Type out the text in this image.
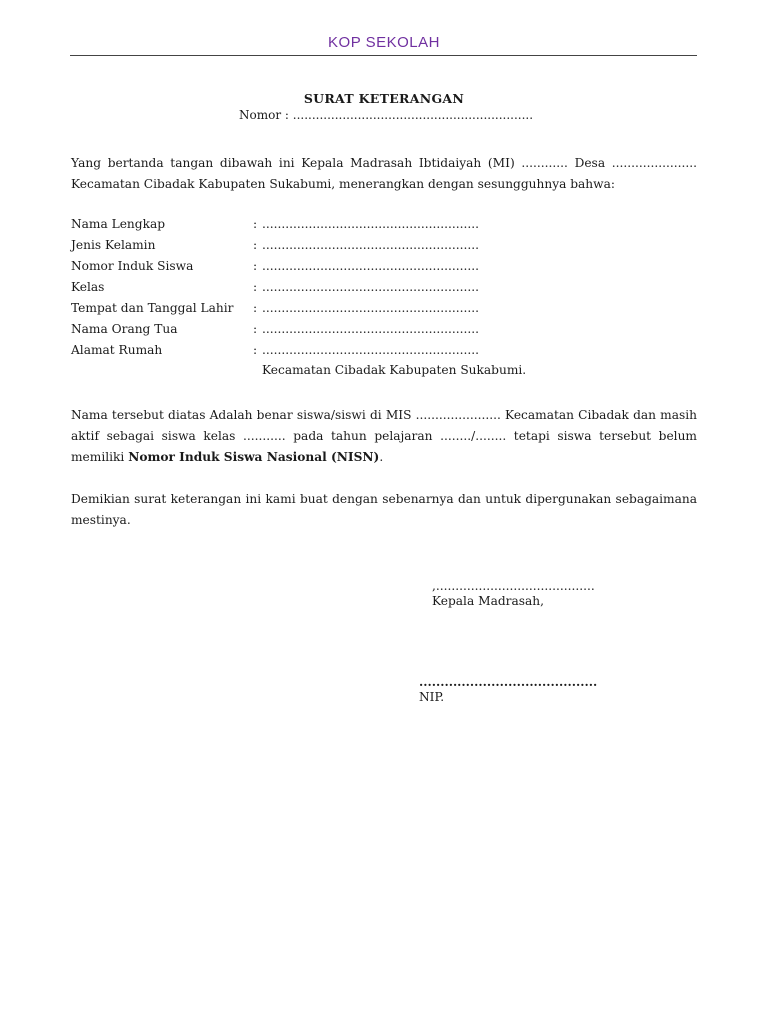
KOP SEKOLAH
SURAT KETERANGAN
Nomor : ...............................................................
Yang bertanda tangan dibawah ini Kepala Madrasah Ibtidaiyah (MI) ............ Desa ...................... Kecamatan Cibadak Kabupaten Sukabumi, menerangkan dengan sesungguhnya bahwa:
Nama Lengkap	: ........................................................
Jenis Kelamin	: ........................................................
Nomor Induk Siswa	: ........................................................
Kelas	: ........................................................
Tempat dan Tanggal Lahir : ........................................................
Nama Orang Tua	: ........................................................
Alamat Rumah	: ........................................................
Kecamatan Cibadak Kabupaten Sukabumi.
Nama tersebut diatas Adalah benar siswa/siswi di MIS ...................... Kecamatan Cibadak dan masih aktif sebagai siswa kelas ........... pada tahun pelajaran ......../........ tetapi siswa tersebut belum memiliki Nomor Induk Siswa Nasional (NISN).
Demikian surat keterangan ini kami buat dengan sebenarnya dan untuk dipergunakan sebagaimana mestinya.
,.........................................
Kepala Madrasah,
..........................................
NIP.
